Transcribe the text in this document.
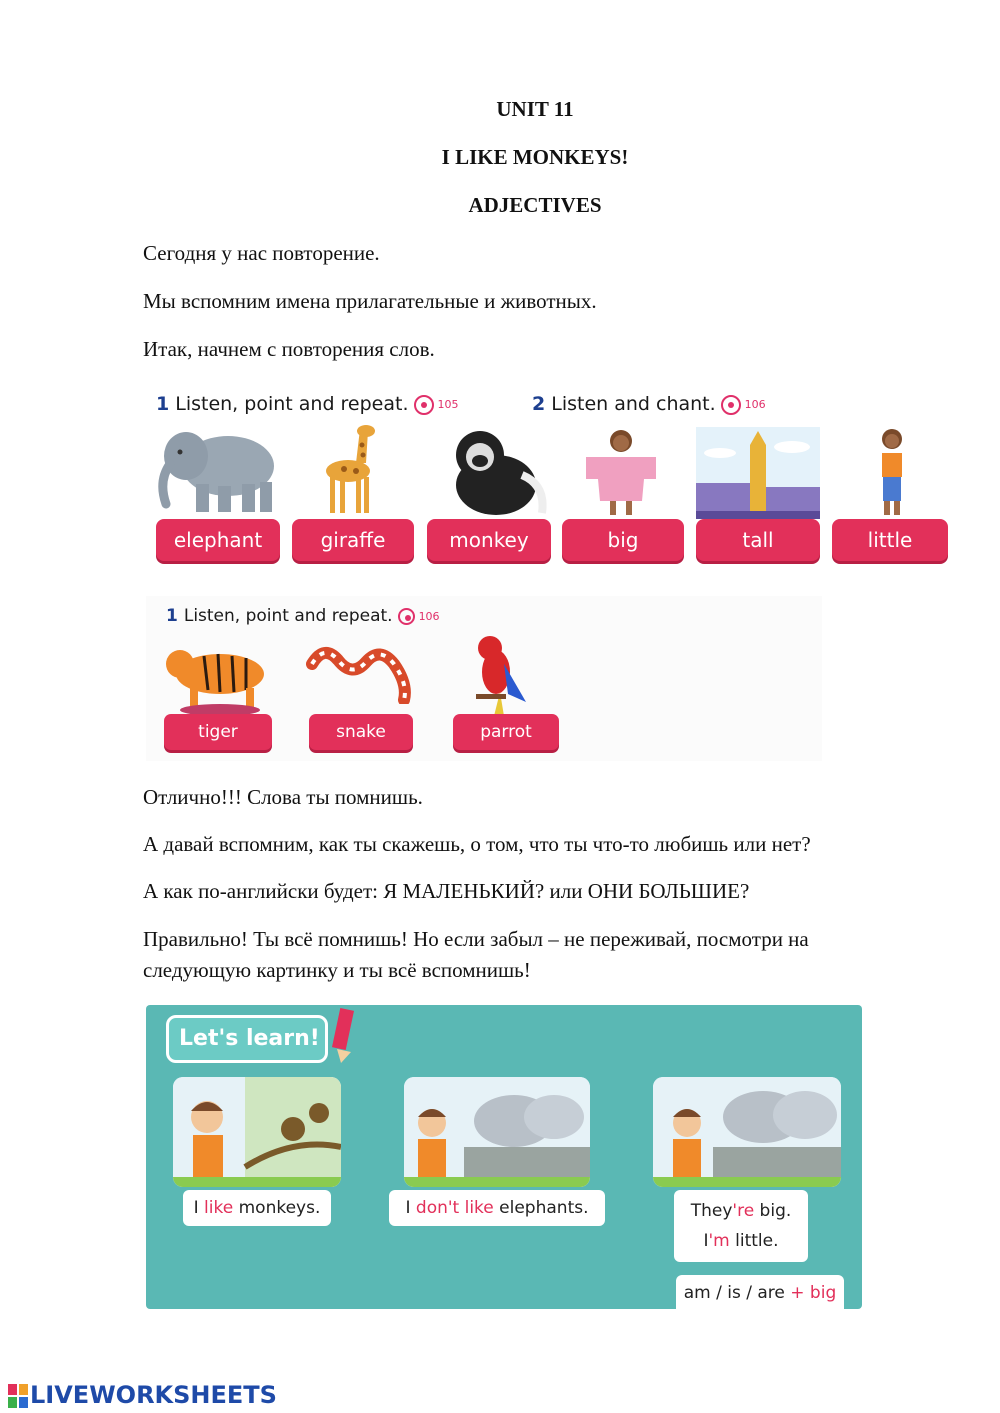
UNIT 11
I LIKE MONKEYS!
ADJECTIVES
Сегодня у нас повторение.
Мы вспомним имена прилагательные и животных.
Итак, начнем с повторения слов.
1 Listen, point and repeat.	105	2 Listen and chant.	106
elephant	giraffe	monkey	big	tall	little
1 Listen, point and repeat. 106
tiger	snake	parrot
Отлично!!! Слова ты помнишь.
А давай вспомним, как ты скажешь, о том, что ты что-то любишь или нет?
А как по-английски будет: Я МАЛЕНЬКИЙ? или ОНИ БОЛЬШИЕ?
Правильно! Ты всё помнишь! Но если забыл – не переживай, посмотри на
следующую картинку и ты всё вспомнишь!
Let's learn!
I like monkeys.	I don't like elephants.	They're big.
I'm little.
am / is / are + big
LIVEWORKSHEETS
